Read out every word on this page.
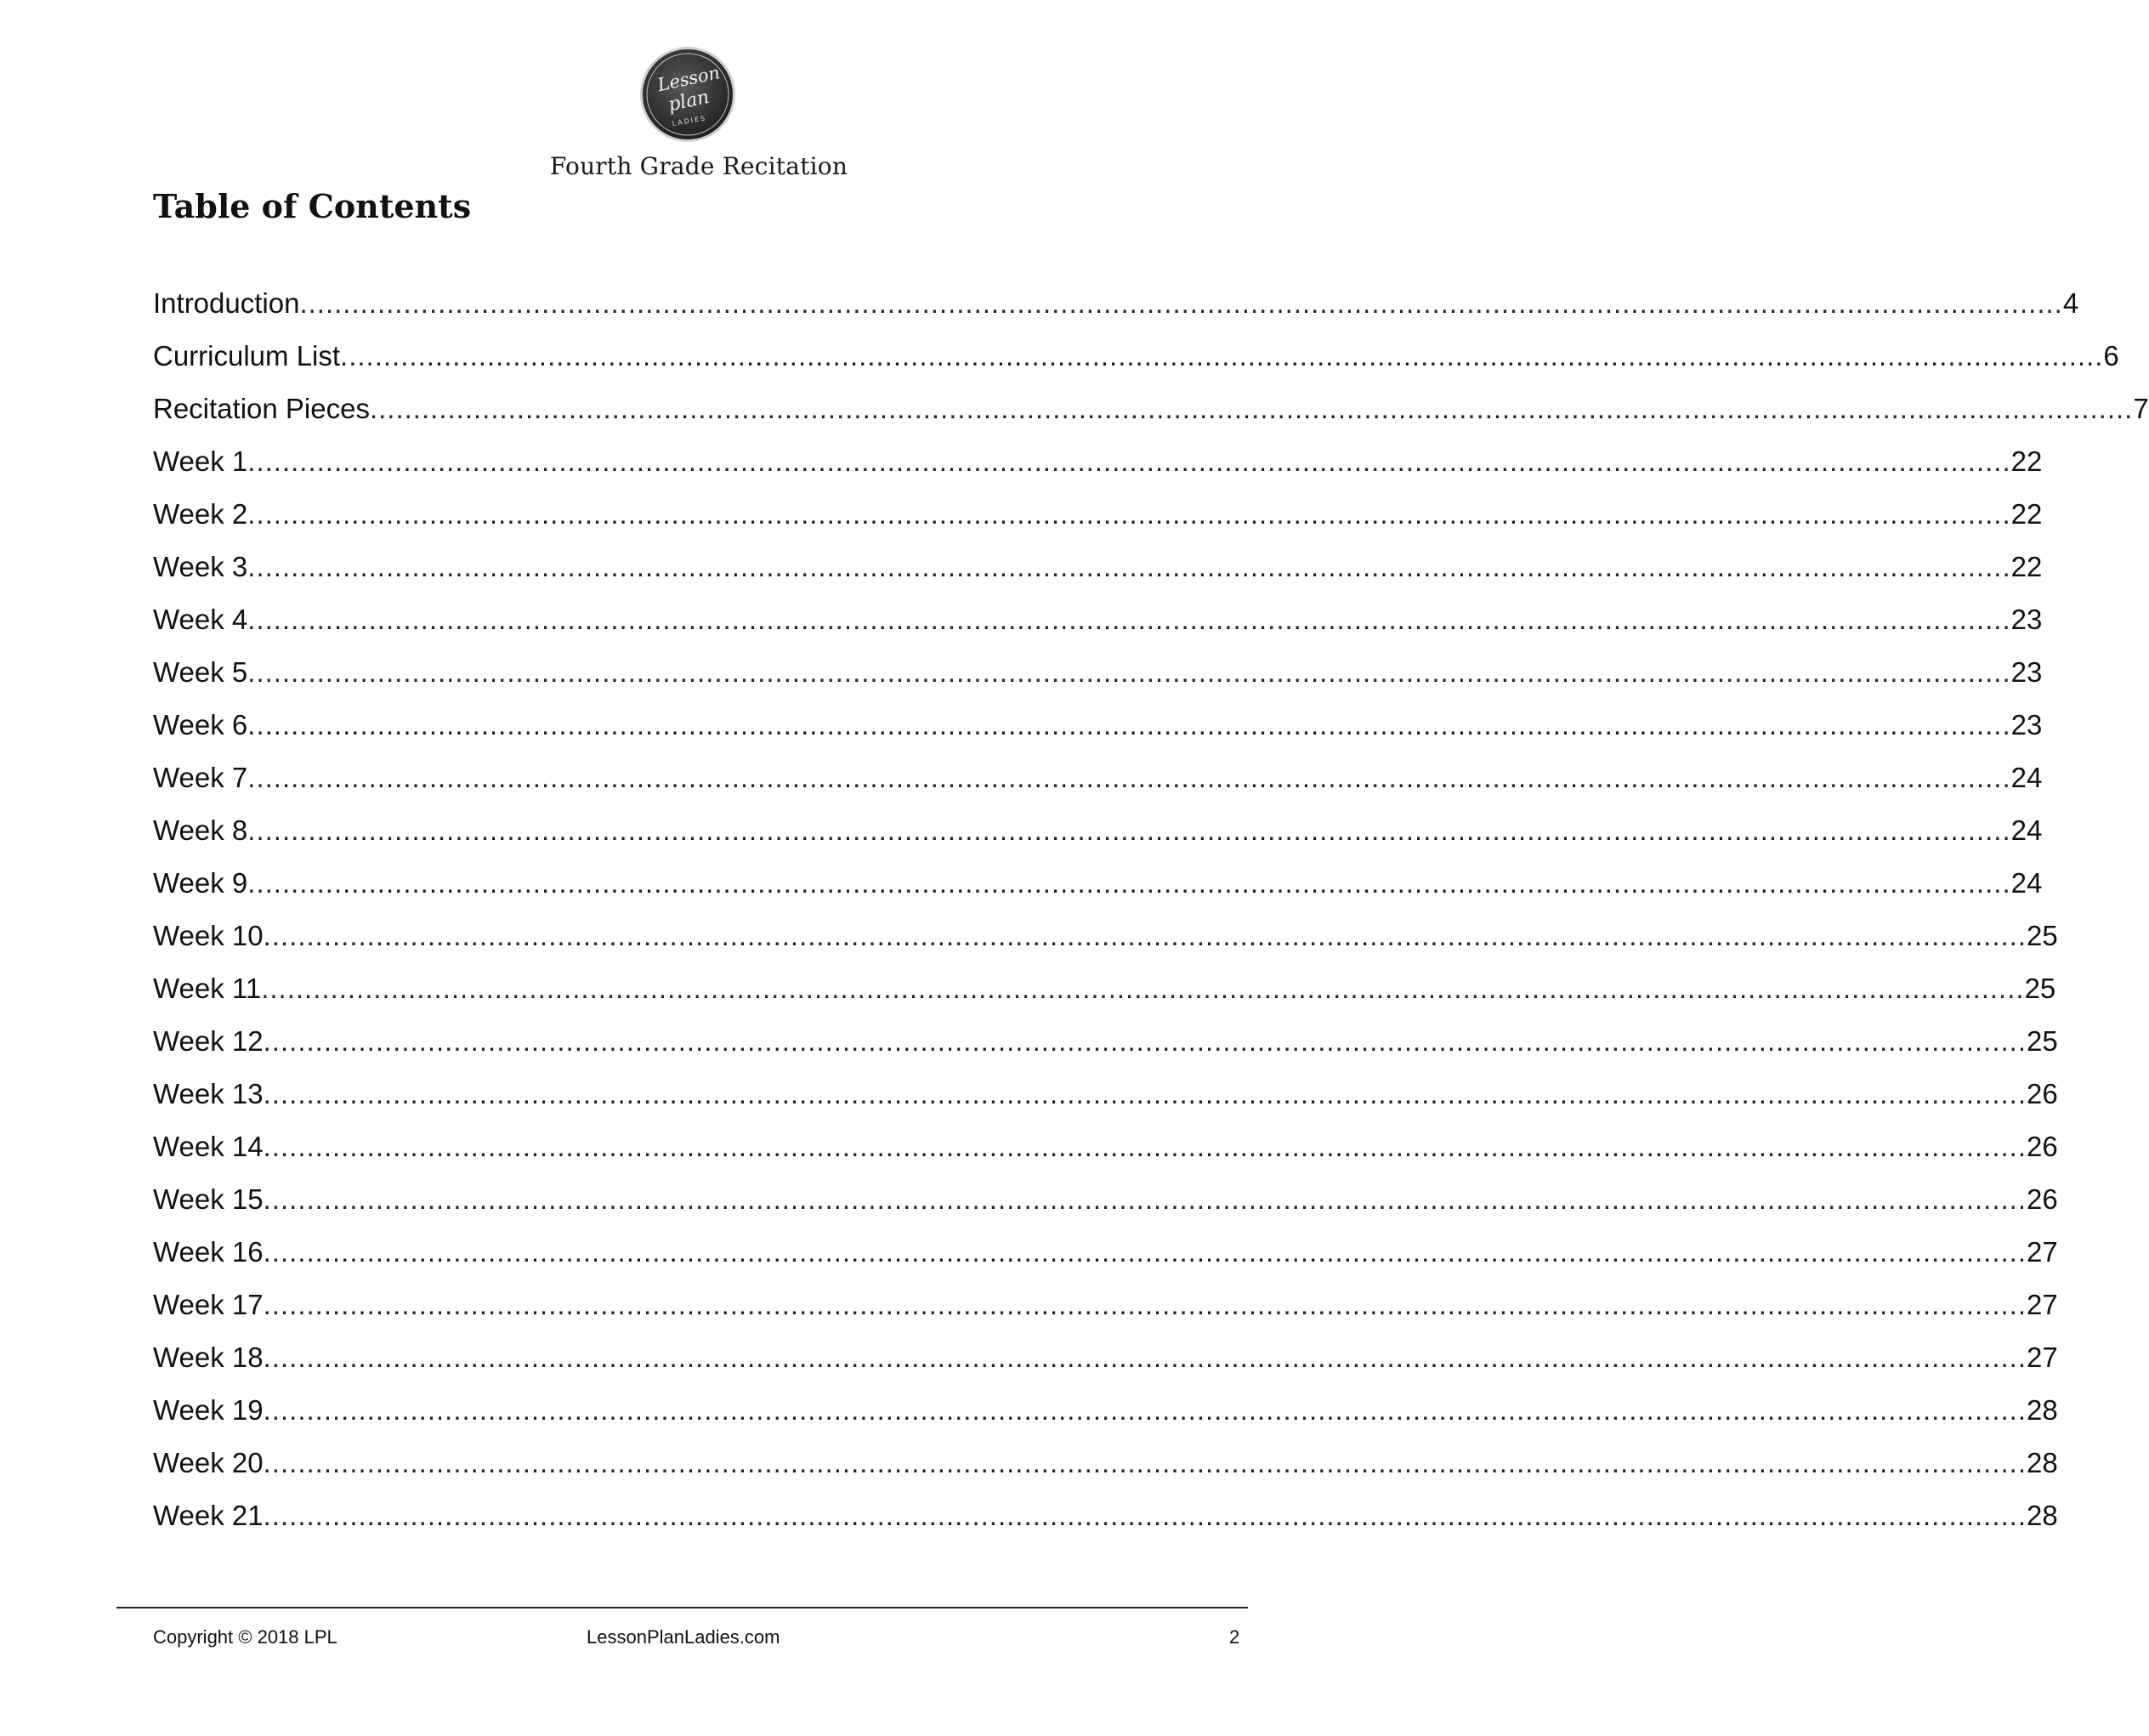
Lesson
plan
LADIES
Fourth Grade Recitation
Table of Contents
Introduction ............................................................................................................................................................................................................ 4
Curriculum List ............................................................................................................................................................................................................ 6
Recitation Pieces ............................................................................................................................................................................................................ 7
Week 1 ............................................................................................................................................................................................................ 22
Week 2 ............................................................................................................................................................................................................ 22
Week 3 ............................................................................................................................................................................................................ 22
Week 4 ............................................................................................................................................................................................................ 23
Week 5 ............................................................................................................................................................................................................ 23
Week 6 ............................................................................................................................................................................................................ 23
Week 7 ............................................................................................................................................................................................................ 24
Week 8 ............................................................................................................................................................................................................ 24
Week 9 ............................................................................................................................................................................................................ 24
Week 10 ............................................................................................................................................................................................................ 25
Week 11 ............................................................................................................................................................................................................ 25
Week 12 ............................................................................................................................................................................................................ 25
Week 13 ............................................................................................................................................................................................................ 26
Week 14 ............................................................................................................................................................................................................ 26
Week 15 ............................................................................................................................................................................................................ 26
Week 16 ............................................................................................................................................................................................................ 27
Week 17 ............................................................................................................................................................................................................ 27
Week 18 ............................................................................................................................................................................................................ 27
Week 19 ............................................................................................................................................................................................................ 28
Week 20 ............................................................................................................................................................................................................ 28
Week 21 ............................................................................................................................................................................................................ 28
Copyright © 2018 LPL	LessonPlanLadies.com	2
